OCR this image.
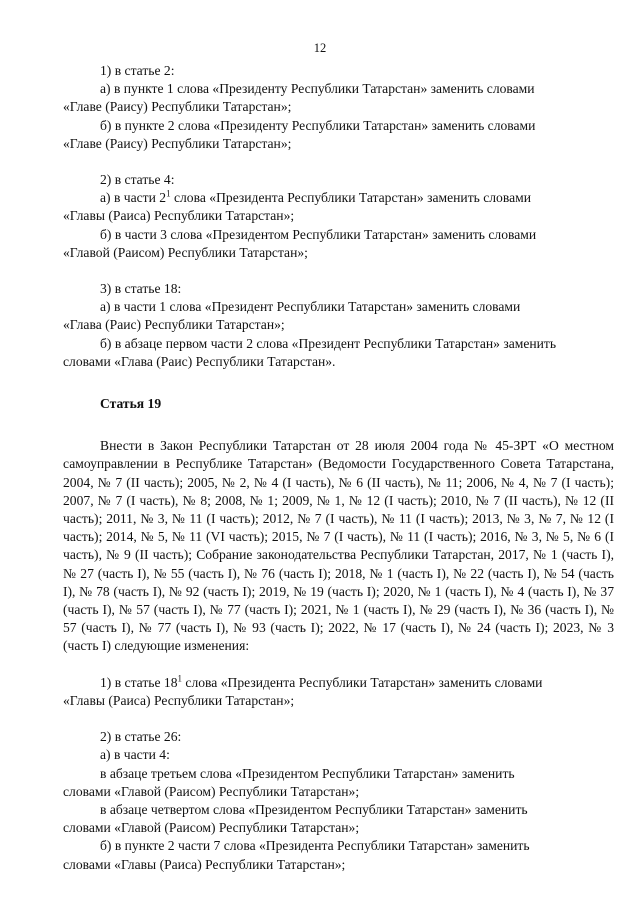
12
1) в статье 2:
а) в пункте 1 слова «Президенту Республики Татарстан» заменить словами
«Главе (Раису) Республики Татарстан»;
б) в пункте 2 слова «Президенту Республики Татарстан» заменить словами
«Главе (Раису) Республики Татарстан»;
2) в статье 4:
а) в части $2^1$ слова «Президента Республики Татарстан» заменить словами
«Главы (Раиса) Республики Татарстан»;
б) в части 3 слова «Президентом Республики Татарстан» заменить словами
«Главой (Раисом) Республики Татарстан»;
3) в статье 18:
а) в части 1 слова «Президент Республики Татарстан» заменить словами
«Глава (Раис) Республики Татарстан»;
б) в абзаце первом части 2 слова «Президент Республики Татарстан» заменить
словами «Глава (Раис) Республики Татарстан».
Статья 19
Внести в Закон Республики Татарстан от 28 июля 2004 года № 45-ЗРТ «О местном самоуправлении в Республике Татарстан» (Ведомости Государственного Совета Татарстана, 2004, № 7 (II часть); 2005, № 2, № 4 (I часть), № 6 (II часть), № 11; 2006, № 4, № 7 (I часть); 2007, № 7 (I часть), № 8; 2008, № 1; 2009, № 1, № 12 (I часть); 2010, № 7 (II часть), № 12 (II часть); 2011, № 3, № 11 (I часть); 2012, № 7 (I часть), № 11 (I часть); 2013, № 3, № 7, № 12 (I часть); 2014, № 5, № 11 (VI часть); 2015, № 7 (I часть), № 11 (I часть); 2016, № 3, № 5, № 6 (I часть), № 9 (II часть); Собрание законодательства Республики Татарстан, 2017, № 1 (часть I), № 27 (часть I), № 55 (часть I), № 76 (часть I); 2018, № 1 (часть I), № 22 (часть I), № 54 (часть I), № 78 (часть I), № 92 (часть I); 2019, № 19 (часть I); 2020, № 1 (часть I), № 4 (часть I), № 37 (часть I), № 57 (часть I), № 77 (часть I); 2021, № 1 (часть I), № 29 (часть I), № 36 (часть I), № 57 (часть I), № 77 (часть I), № 93 (часть I); 2022, № 17 (часть I), № 24 (часть I); 2023, № 3 (часть I) следующие изменения:
1) в статье $18^1$ слова «Президента Республики Татарстан» заменить словами
«Главы (Раиса) Республики Татарстан»;
2) в статье 26:
а) в части 4:
в абзаце третьем слова «Президентом Республики Татарстан» заменить
словами «Главой (Раисом) Республики Татарстан»;
в абзаце четвертом слова «Президентом Республики Татарстан» заменить
словами «Главой (Раисом) Республики Татарстан»;
б) в пункте 2 части 7 слова «Президента Республики Татарстан» заменить
словами «Главы (Раиса) Республики Татарстан»;
